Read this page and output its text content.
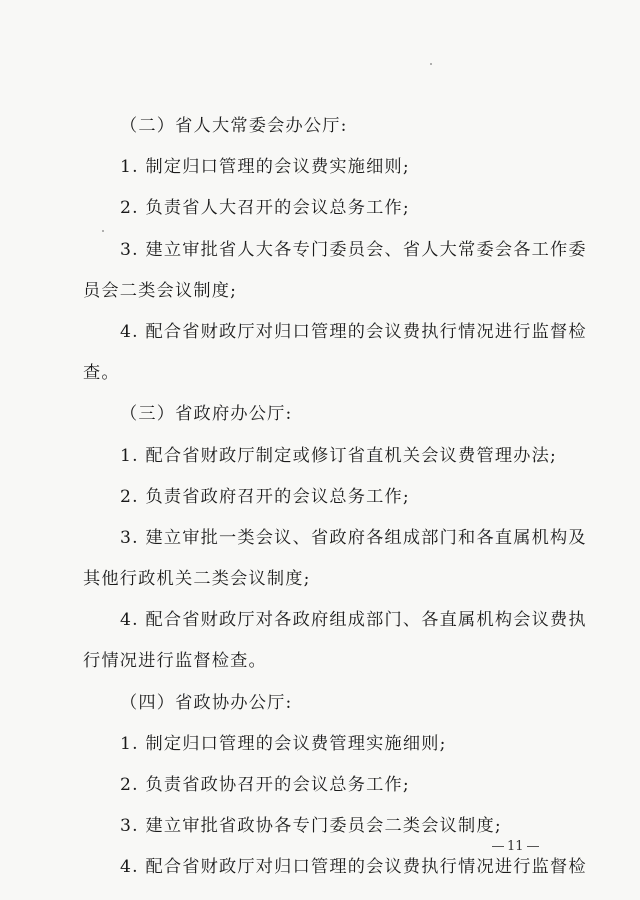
（二）省人大常委会办公厅:
1. 制定归口管理的会议费实施细则;
2. 负责省人大召开的会议总务工作;
3. 建立审批省人大各专门委员会、省人大常委会各工作委
员会二类会议制度;
4. 配合省财政厅对归口管理的会议费执行情况进行监督检
查。
（三）省政府办公厅:
1. 配合省财政厅制定或修订省直机关会议费管理办法;
2. 负责省政府召开的会议总务工作;
3. 建立审批一类会议、省政府各组成部门和各直属机构及
其他行政机关二类会议制度;
4. 配合省财政厅对各政府组成部门、各直属机构会议费执
行情况进行监督检查。
（四）省政协办公厅:
1. 制定归口管理的会议费管理实施细则;
2. 负责省政协召开的会议总务工作;
3. 建立审批省政协各专门委员会二类会议制度;
4. 配合省财政厅对归口管理的会议费执行情况进行监督检
11
